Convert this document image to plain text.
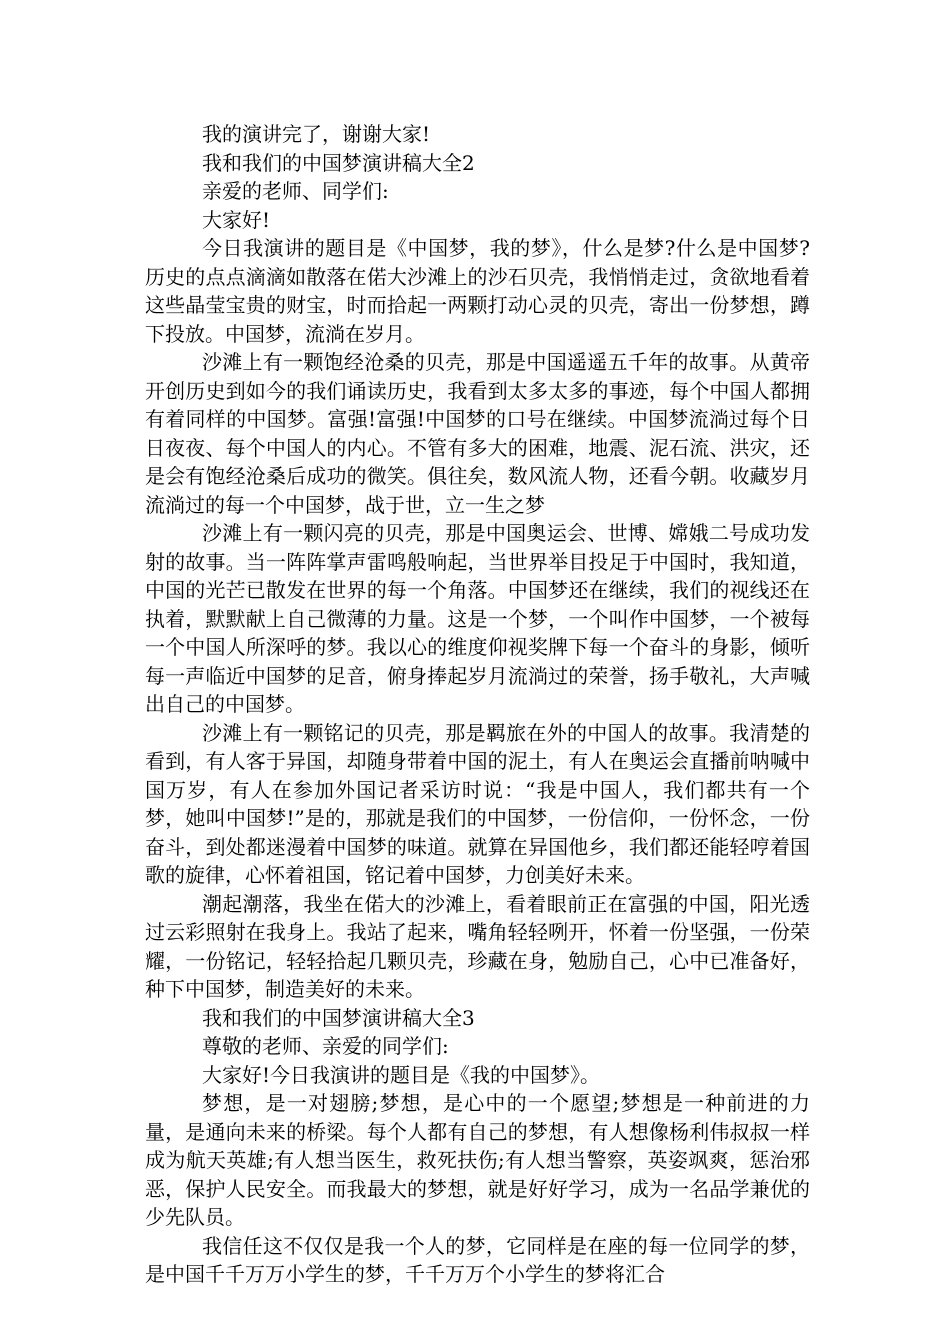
我的演讲完了，谢谢大家!

我和我们的中国梦演讲稿大全2

亲爱的老师、同学们:

大家好!

今日我演讲的题目是《中国梦，我的梦》，什么是梦?什么是中国梦?历史的点点滴滴如散落在偌大沙滩上的沙石贝壳，我悄悄走过，贪欲地看着这些晶莹宝贵的财宝，时而拾起一两颗打动心灵的贝壳，寄出一份梦想，蹲下投放。中国梦，流淌在岁月。

沙滩上有一颗饱经沧桑的贝壳，那是中国遥遥五千年的故事。从黄帝开创历史到如今的我们诵读历史，我看到太多太多的事迹，每个中国人都拥有着同样的中国梦。富强!富强!中国梦的口号在继续。中国梦流淌过每个日日夜夜、每个中国人的内心。不管有多大的困难，地震、泥石流、洪灾，还是会有饱经沧桑后成功的微笑。俱往矣，数风流人物，还看今朝。收藏岁月流淌过的每一个中国梦，战于世，立一生之梦

沙滩上有一颗闪亮的贝壳，那是中国奥运会、世博、嫦娥二号成功发射的故事。当一阵阵掌声雷鸣般响起，当世界举目投足于中国时，我知道，中国的光芒已散发在世界的每一个角落。中国梦还在继续，我们的视线还在执着，默默献上自己微薄的力量。这是一个梦，一个叫作中国梦，一个被每一个中国人所深呼的梦。我以心的维度仰视奖牌下每一个奋斗的身影，倾听每一声临近中国梦的足音，俯身捧起岁月流淌过的荣誉，扬手敬礼，大声喊出自己的中国梦。

沙滩上有一颗铭记的贝壳，那是羁旅在外的中国人的故事。我清楚的看到，有人客于异国，却随身带着中国的泥土，有人在奥运会直播前呐喊中国万岁，有人在参加外国记者采访时说：“我是中国人，我们都共有一个梦，她叫中国梦!”是的，那就是我们的中国梦，一份信仰，一份怀念，一份奋斗，到处都迷漫着中国梦的味道。就算在异国他乡，我们都还能轻哼着国歌的旋律，心怀着祖国，铭记着中国梦，力创美好未来。

潮起潮落，我坐在偌大的沙滩上，看着眼前正在富强的中国，阳光透过云彩照射在我身上。我站了起来，嘴角轻轻咧开，怀着一份坚强，一份荣耀，一份铭记，轻轻拾起几颗贝壳，珍藏在身，勉励自己，心中已准备好，种下中国梦，制造美好的未来。

我和我们的中国梦演讲稿大全3

尊敬的老师、亲爱的同学们:

大家好!今日我演讲的题目是《我的中国梦》。

梦想，是一对翅膀;梦想，是心中的一个愿望;梦想是一种前进的力量，是通向未来的桥梁。每个人都有自己的梦想，有人想像杨利伟叔叔一样成为航天英雄;有人想当医生，救死扶伤;有人想当警察，英姿飒爽，惩治邪恶，保护人民安全。而我最大的梦想，就是好好学习，成为一名品学兼优的少先队员。

我信任这不仅仅是我一个人的梦，它同样是在座的每一位同学的梦，是中国千千万万小学生的梦，千千万万个小学生的梦将汇合
